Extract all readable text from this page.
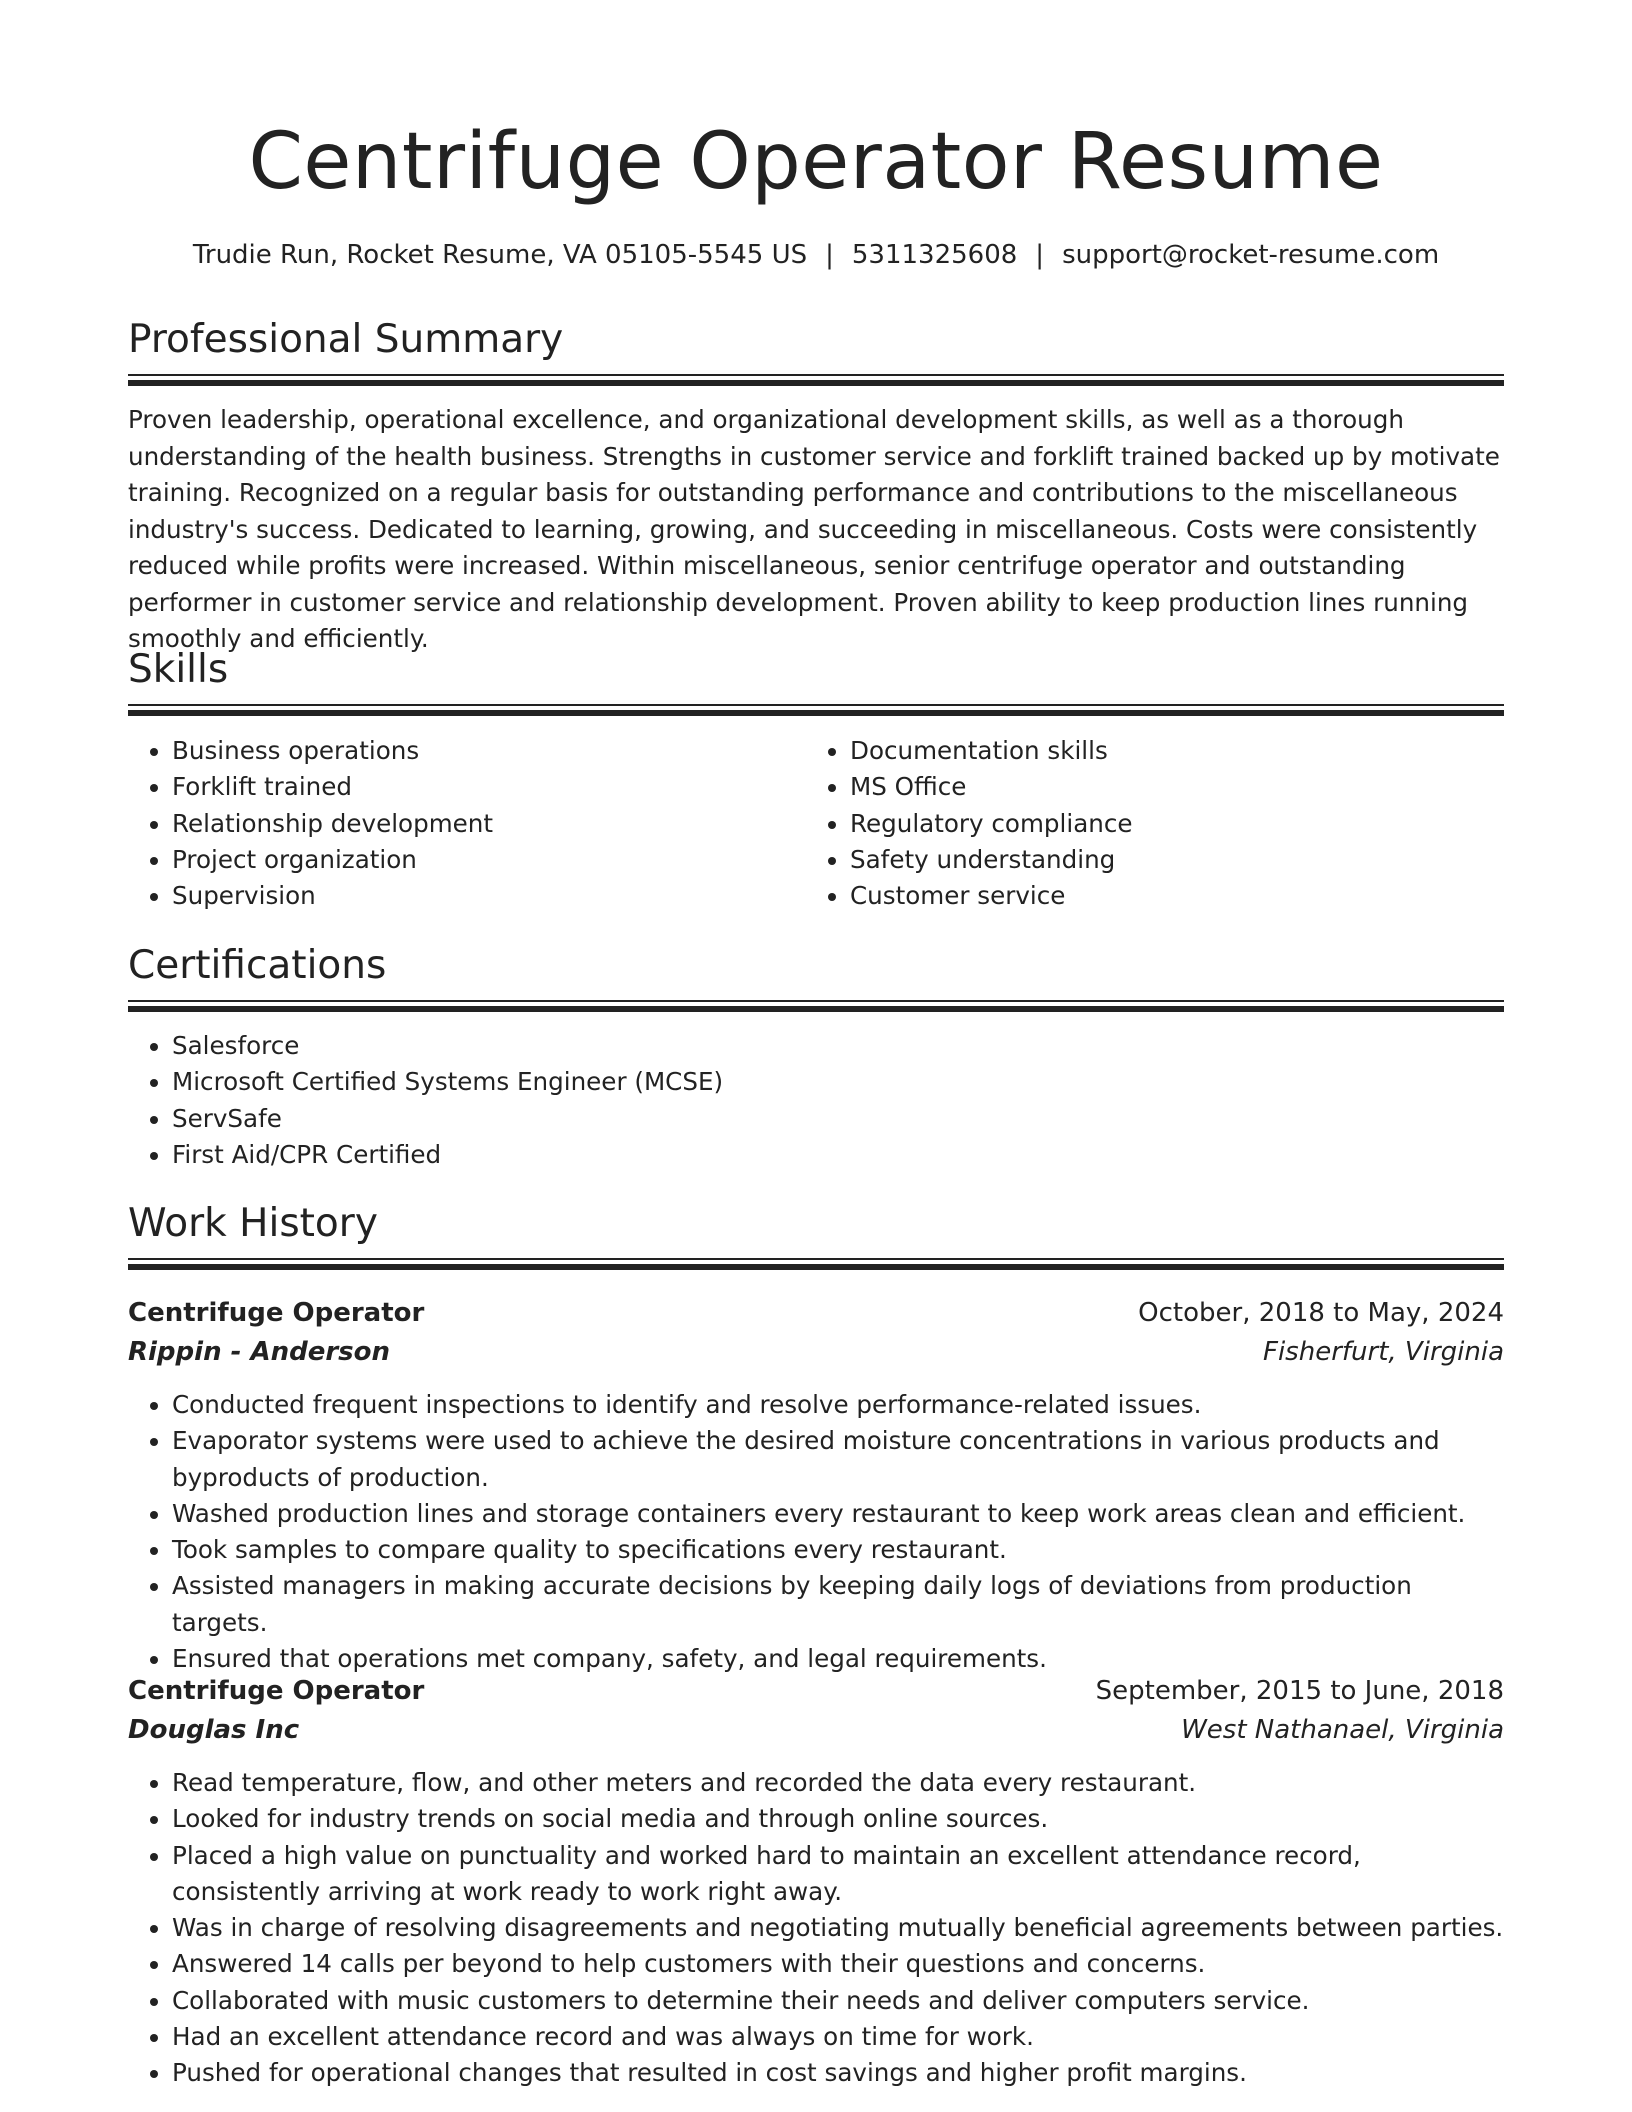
Centrifuge Operator Resume
Trudie Run, Rocket Resume, VA 05105-5545 US | 5311325608 | support@rocket-resume.com
Professional Summary

Proven leadership, operational excellence, and organizational development skills, as well as a thorough understanding of the health business. Strengths in customer service and forklift trained backed up by motivate training. Recognized on a regular basis for outstanding performance and contributions to the miscellaneous industry's success. Dedicated to learning, growing, and succeeding in miscellaneous. Costs were consistently reduced while profits were increased. Within miscellaneous, senior centrifuge operator and outstanding performer in customer service and relationship development. Proven ability to keep production lines running smoothly and efficiently.

Skills
• Business operations
• Forklift trained
• Relationship development
• Project organization
• Supervision
• Documentation skills
• MS Office
• Regulatory compliance
• Safety understanding
• Customer service
Certifications
• Salesforce
• Microsoft Certified Systems Engineer (MCSE)
• ServSafe
• First Aid/CPR Certified
Work History
Centrifuge Operator	October, 2018 to May, 2024
Rippin - Anderson	Fisherfurt, Virginia
• Conducted frequent inspections to identify and resolve performance-related issues.
• Evaporator systems were used to achieve the desired moisture concentrations in various products and byproducts of production.
• Washed production lines and storage containers every restaurant to keep work areas clean and efficient.
• Took samples to compare quality to specifications every restaurant.
• Assisted managers in making accurate decisions by keeping daily logs of deviations from production targets.
• Ensured that operations met company, safety, and legal requirements.
Centrifuge Operator	September, 2015 to June, 2018
Douglas Inc	West Nathanael, Virginia
• Read temperature, flow, and other meters and recorded the data every restaurant.
• Looked for industry trends on social media and through online sources.
• Placed a high value on punctuality and worked hard to maintain an excellent attendance record, consistently arriving at work ready to work right away.
• Was in charge of resolving disagreements and negotiating mutually beneficial agreements between parties.
• Answered 14 calls per beyond to help customers with their questions and concerns.
• Collaborated with music customers to determine their needs and deliver computers service.
• Had an excellent attendance record and was always on time for work.
• Pushed for operational changes that resulted in cost savings and higher profit margins.
